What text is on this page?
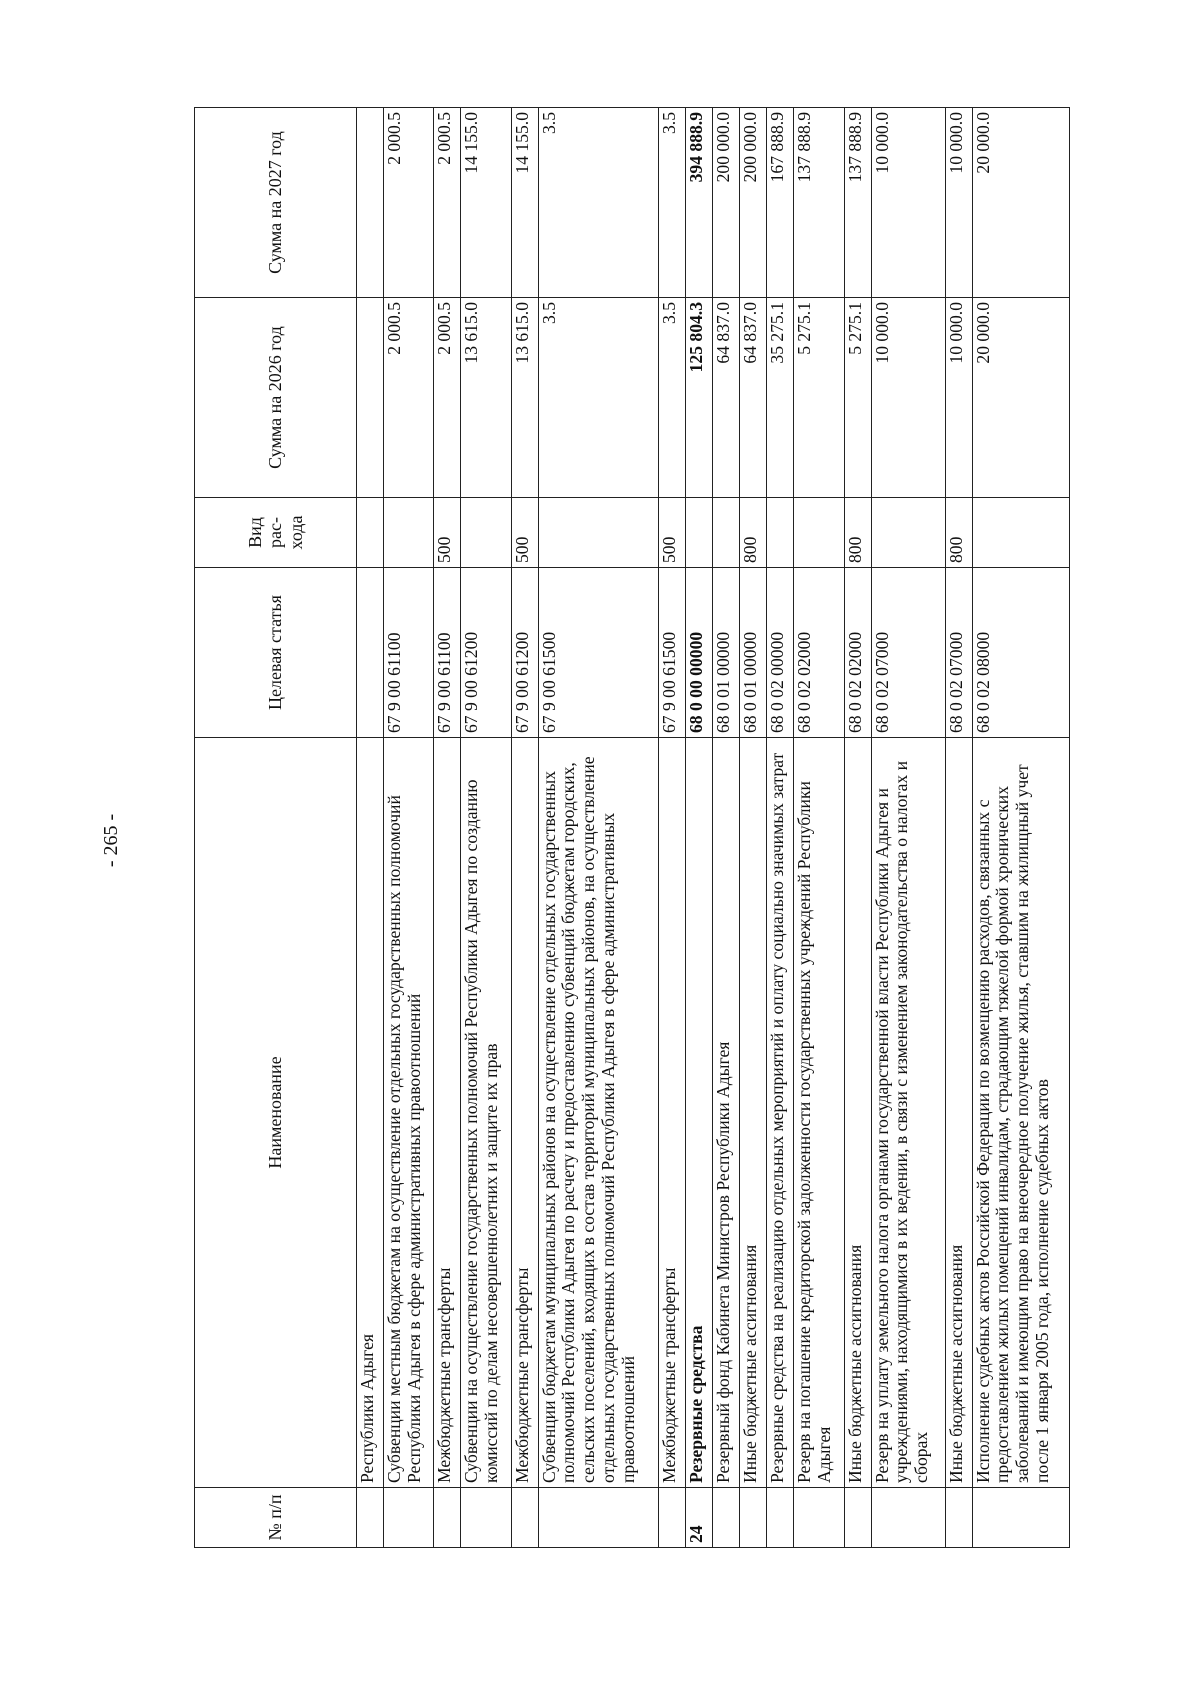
- 265 -
№ п/п	Наименование	Целевая статья	Вид рас- хода	Сумма на 2026 год	Сумма на 2027 год
	Республики Адыгея				
	Субвенции местным бюджетам на осуществление отдельных государственных полномочий Республики Адыгея в сфере административных правоотношений	67 9 00 61100		2 000.5	2 000.5
	Межбюджетные трансферты	67 9 00 61100	500	2 000.5	2 000.5
	Субвенции на осуществление государственных полномочий Республики Адыгея по созданию комиссий по делам несовершеннолетних и защите их прав	67 9 00 61200		13 615.0	14 155.0
	Межбюджетные трансферты	67 9 00 61200	500	13 615.0	14 155.0
	Субвенции бюджетам муниципальных районов на осуществление отдельных государственных полномочий Республики Адыгея по расчету и предоставлению субвенций бюджетам городских, сельских поселений, входящих в состав территорий муниципальных районов, на осуществление отдельных государственных полномочий Республики Адыгея в сфере административных правоотношений	67 9 00 61500		3.5	3.5
	Межбюджетные трансферты	67 9 00 61500	500	3.5	3.5
24	Резервные средства	68 0 00 00000		125 804.3	394 888.9
	Резервный фонд Кабинета Министров Республики Адыгея	68 0 01 00000		64 837.0	200 000.0
	Иные бюджетные ассигнования	68 0 01 00000	800	64 837.0	200 000.0
	Резервные средства на реализацию отдельных мероприятий и оплату социально значимых затрат	68 0 02 00000		35 275.1	167 888.9
	Резерв на погашение кредиторской задолженности государственных учреждений Республики Адыгея	68 0 02 02000		5 275.1	137 888.9
	Иные бюджетные ассигнования	68 0 02 02000	800	5 275.1	137 888.9
	Резерв на уплату земельного налога органами государственной власти Республики Адыгея и учреждениями, находящимися в их ведении, в связи с изменением законодательства о налогах и сборах	68 0 02 07000		10 000.0	10 000.0
	Иные бюджетные ассигнования	68 0 02 07000	800	10 000.0	10 000.0
	Исполнение судебных актов Российской Федерации по возмещению расходов, связанных с предоставлением жилых помещений инвалидам, страдающим тяжелой формой хронических заболеваний и имеющим право на внеочередное получение жилья, ставшим на жилищный учет после 1 января 2005 года, исполнение судебных актов	68 0 02 08000		20 000.0	20 000.0
